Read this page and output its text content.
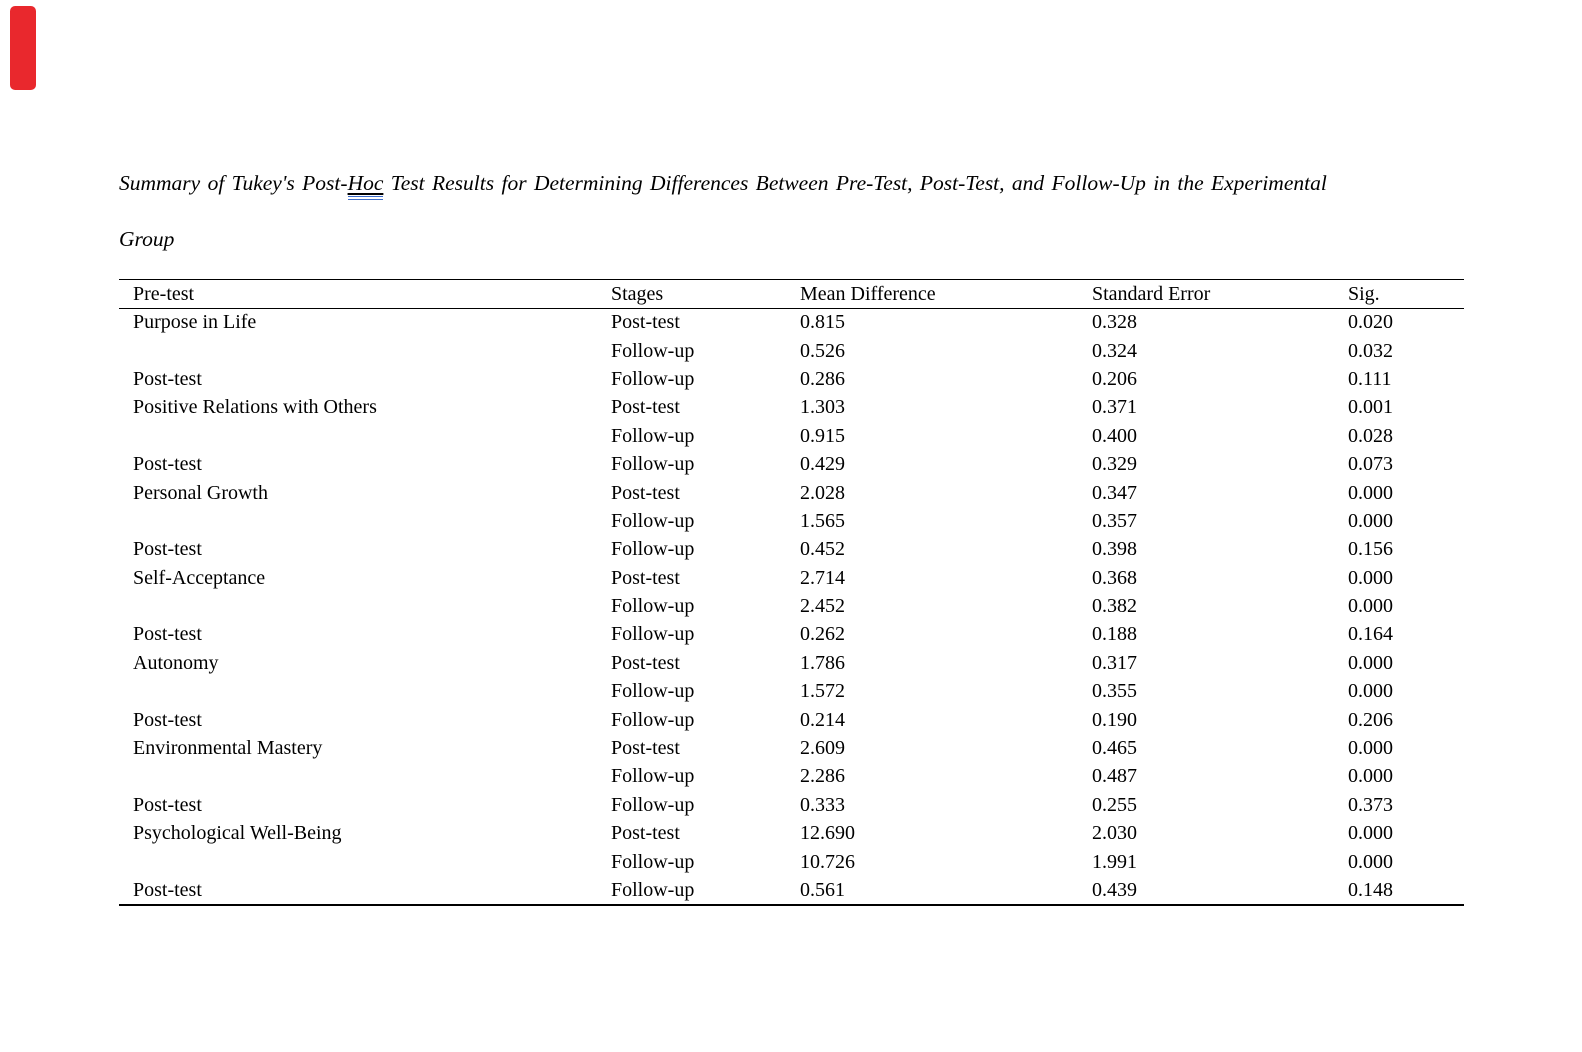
Summary of Tukey's Post-Hoc Test Results for Determining Differences Between Pre-Test, Post-Test, and Follow-Up in the Experimental
Group
Pre-test	Stages	Mean Difference	Standard Error	Sig.
Purpose in Life	Post-test	0.815	0.328	0.020
	Follow-up	0.526	0.324	0.032
Post-test	Follow-up	0.286	0.206	0.111
Positive Relations with Others	Post-test	1.303	0.371	0.001
	Follow-up	0.915	0.400	0.028
Post-test	Follow-up	0.429	0.329	0.073
Personal Growth	Post-test	2.028	0.347	0.000
	Follow-up	1.565	0.357	0.000
Post-test	Follow-up	0.452	0.398	0.156
Self-Acceptance	Post-test	2.714	0.368	0.000
	Follow-up	2.452	0.382	0.000
Post-test	Follow-up	0.262	0.188	0.164
Autonomy	Post-test	1.786	0.317	0.000
	Follow-up	1.572	0.355	0.000
Post-test	Follow-up	0.214	0.190	0.206
Environmental Mastery	Post-test	2.609	0.465	0.000
	Follow-up	2.286	0.487	0.000
Post-test	Follow-up	0.333	0.255	0.373
Psychological Well-Being	Post-test	12.690	2.030	0.000
	Follow-up	10.726	1.991	0.000
Post-test	Follow-up	0.561	0.439	0.148
